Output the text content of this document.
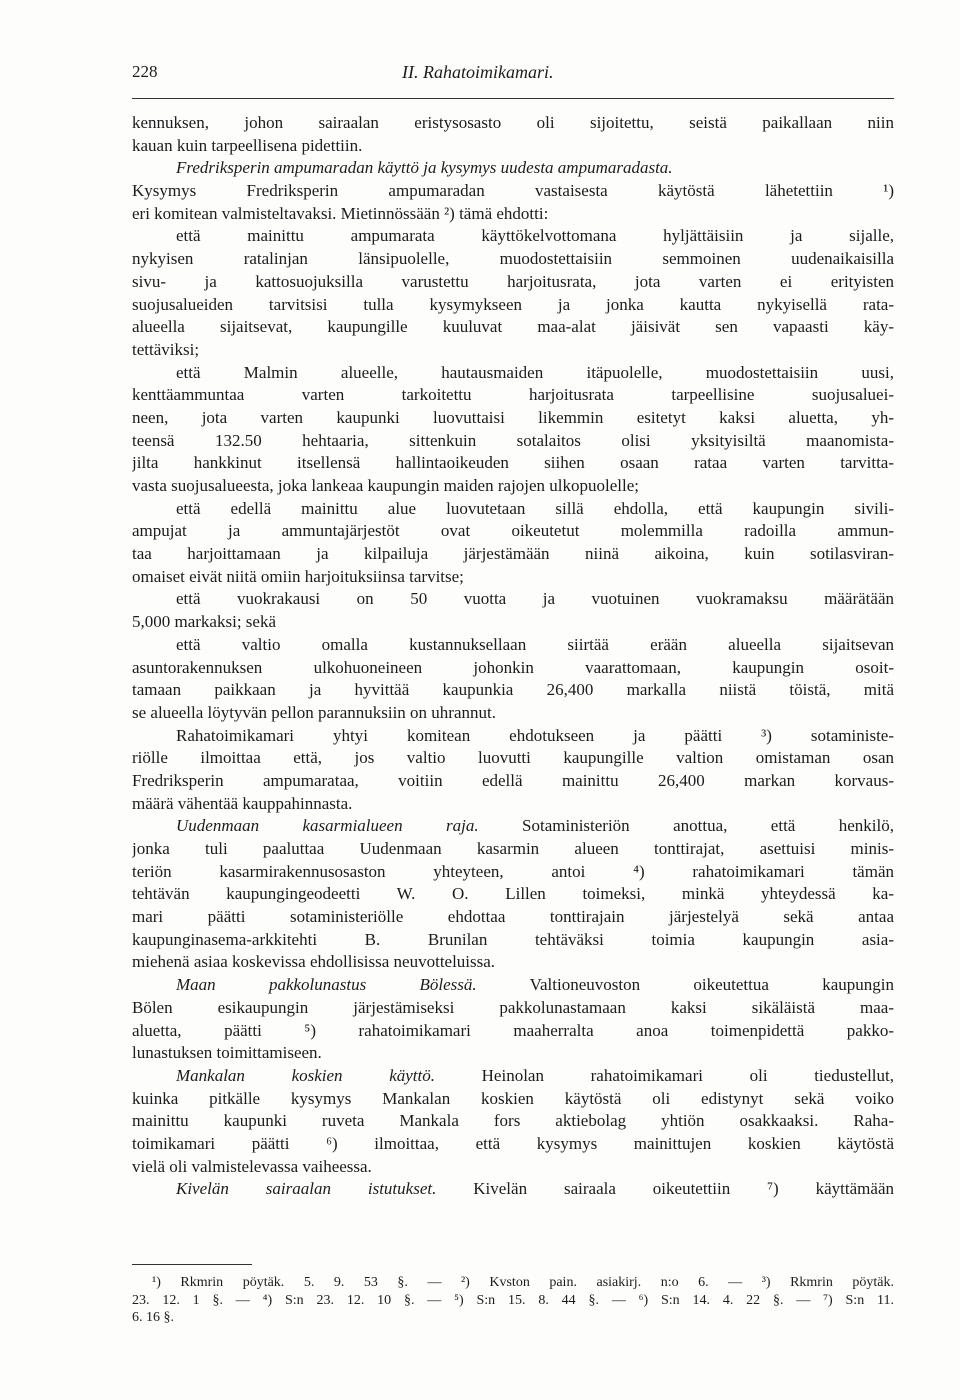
228	II. Rahatoimikamari.
kennuksen, johon sairaalan eristysosasto oli sijoitettu, seistä paikallaan niin
kauan kuin tarpeellisena pidettiin.
Fredriksperin ampumaradan käyttö ja kysymys uudesta ampumaradasta.
Kysymys Fredriksperin ampumaradan vastaisesta käytöstä lähetettiin ¹)
eri komitean valmisteltavaksi. Mietinnössään ²) tämä ehdotti:
että mainittu ampumarata käyttökelvottomana hyljättäisiin ja sijalle,
nykyisen ratalinjan länsipuolelle, muodostettaisiin semmoinen uudenaikaisilla
sivu- ja kattosuojuksilla varustettu harjoitusrata, jota varten ei erityisten
suojusalueiden tarvitsisi tulla kysymykseen ja jonka kautta nykyisellä rata-
alueella sijaitsevat, kaupungille kuuluvat maa-alat jäisivät sen vapaasti käy-
tettäviksi;
että Malmin alueelle, hautausmaiden itäpuolelle, muodostettaisiin uusi,
kenttäammuntaa varten tarkoitettu harjoitusrata tarpeellisine suojusaluei-
neen, jota varten kaupunki luovuttaisi likemmin esitetyt kaksi aluetta, yh-
teensä 132.50 hehtaaria, sittenkuin sotalaitos olisi yksityisiltä maanomista-
jilta hankkinut itsellensä hallintaoikeuden siihen osaan rataa varten tarvitta-
vasta suojusalueesta, joka lankeaa kaupungin maiden rajojen ulkopuolelle;
että edellä mainittu alue luovutetaan sillä ehdolla, että kaupungin sivili-
ampujat ja ammuntajärjestöt ovat oikeutetut molemmilla radoilla ammun-
taa harjoittamaan ja kilpailuja järjestämään niinä aikoina, kuin sotilasviran-
omaiset eivät niitä omiin harjoituksiinsa tarvitse;
että vuokrakausi on 50 vuotta ja vuotuinen vuokramaksu määrätään
5,000 markaksi; sekä
että valtio omalla kustannuksellaan siirtää erään alueella sijaitsevan
asuntorakennuksen ulkohuoneineen johonkin vaarattomaan, kaupungin osoit-
tamaan paikkaan ja hyvittää kaupunkia 26,400 markalla niistä töistä, mitä
se alueella löytyvän pellon parannuksiin on uhrannut.
Rahatoimikamari yhtyi komitean ehdotukseen ja päätti ³) sotaministe-
riölle ilmoittaa että, jos valtio luovutti kaupungille valtion omistaman osan
Fredriksperin ampumarataa, voitiin edellä mainittu 26,400 markan korvaus-
määrä vähentää kauppahinnasta.
Uudenmaan kasarmialueen raja. Sotaministeriön anottua, että henkilö,
jonka tuli paaluttaa Uudenmaan kasarmin alueen tonttirajat, asettuisi minis-
teriön kasarmirakennusosaston yhteyteen, antoi ⁴) rahatoimikamari tämän
tehtävän kaupungingeodeetti W. O. Lillen toimeksi, minkä yhteydessä ka-
mari päätti sotaministeriölle ehdottaa tonttirajain järjestelyä sekä antaa
kaupunginasema-arkkitehti B. Brunilan tehtäväksi toimia kaupungin asia-
miehenä asiaa koskevissa ehdollisissa neuvotteluissa.
Maan pakkolunastus Bölessä. Valtioneuvoston oikeutettua kaupungin
Bölen esikaupungin järjestämiseksi pakkolunastamaan kaksi sikäläistä maa-
aluetta, päätti ⁵) rahatoimikamari maaherralta anoa toimenpidettä pakko-
lunastuksen toimittamiseen.
Mankalan koskien käyttö. Heinolan rahatoimikamari oli tiedustellut,
kuinka pitkälle kysymys Mankalan koskien käytöstä oli edistynyt sekä voiko
mainittu kaupunki ruveta Mankala fors aktiebolag yhtiön osakkaaksi. Raha-
toimikamari päätti ⁶) ilmoittaa, että kysymys mainittujen koskien käytöstä
vielä oli valmistelevassa vaiheessa.
Kivelän sairaalan istutukset. Kivelän sairaala oikeutettiin ⁷) käyttämään
¹) Rkmrin pöytäk. 5. 9. 53 §. — ²) Kvston pain. asiakirj. n:o 6. — ³) Rkmrin pöytäk.
23. 12. 1 §. — ⁴) S:n 23. 12. 10 §. — ⁵) S:n 15. 8. 44 §. — ⁶) S:n 14. 4. 22 §. — ⁷) S:n 11.
6. 16 §.
